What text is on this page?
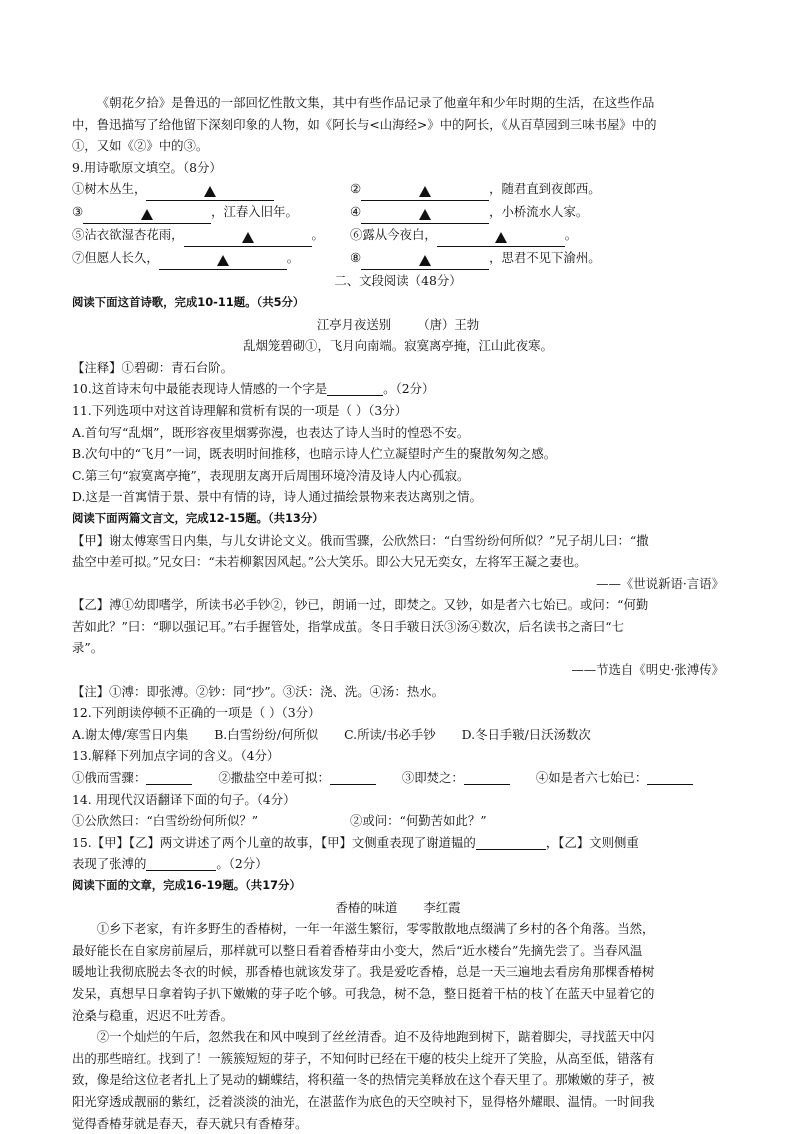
《朝花夕拾》是鲁迅的一部回忆性散文集，其中有些作品记录了他童年和少年时期的生活，在这些作品

中，鲁迅描写了给他留下深刻印象的人物，如《阿长与<山海经>》中的阿长，《从百草园到三味书屋》中的

①，又如《②》中的③。

9.用诗歌原文填空。（8分）

①树木丛生，	②	，随君直到夜郎西。
③	，江春入旧年。	④	，小桥流水人家。
⑤沾衣欲湿杏花雨，	。	⑥露从今夜白，	。
⑦但愿人长久，	。	⑧	，思君不见下渝州。

二、文段阅读（48分）

阅读下面这首诗歌，完成10-11题。（共5分）

江亭月夜送别 （唐）王勃

乱烟笼碧砌①，飞月向南端。寂寞离亭掩，江山此夜寒。

【注释】①碧砌：青石台阶。

10.这首诗末句中最能表现诗人情感的一个字是	。（2分）

11.下列选项中对这首诗理解和赏析有误的一项是（ ）（3分）

A.首句写“乱烟”，既形容夜里烟雾弥漫，也表达了诗人当时的惶恐不安。

B.次句中的“飞月”一词，既表明时间推移，也暗示诗人伫立凝望时产生的聚散匆匆之感。

C.第三句“寂寞离亭掩”，表现朋友离开后周围环境冷清及诗人内心孤寂。

D.这是一首寓情于景、景中有情的诗，诗人通过描绘景物来表达离别之情。

阅读下面两篇文言文，完成12-15题。（共13分）

【甲】谢太傅寒雪日内集，与儿女讲论文义。俄而雪骤，公欣然曰：“白雪纷纷何所似？”兄子胡儿曰：“撒

盐空中差可拟。”兄女曰：“未若柳絮因风起。”公大笑乐。即公大兄无奕女，左将军王凝之妻也。

——《世说新语·言语》

【乙】溥①幼即嗜学，所读书必手钞②，钞已，朗诵一过，即焚之。又钞，如是者六七始已。或问：“何勤

苦如此？”曰：“聊以强记耳。”右手握管处，指掌成茧。冬日手皲日沃③汤④数次，后名读书之斋曰“七

录”。

——节选自《明史·张溥传》

【注】①溥：即张溥。②钞：同“抄”。③沃：浇、洗。④汤：热水。

12.下列朗读停顿不正确的一项是（ ）（3分）

A.谢太傅/寒雪日内集 B.白雪纷纷/何所似 C.所读/书必手钞 D.冬日手皲/日沃汤数次

13.解释下列加点字词的含义。（4分）

①俄而雪骤：	②撒盐空中差可拟：	③即焚之：	④如是者六七始已：

14. 用现代汉语翻译下面的句子。（4分）

①公欣然曰：“白雪纷纷何所似？”	②或问：“何勤苦如此？”

15.【甲】【乙】两文讲述了两个儿童的故事，【甲】文侧重表现了谢道韫的	，【乙】文则侧重

表现了张溥的	。（2分）

阅读下面的文章，完成16-19题。（共17分）

香椿的味道 李红霞

①乡下老家，有许多野生的香椿树，一年一年滋生繁衍，零零散散地点缀满了乡村的各个角落。当然，

最好能长在自家房前屋后，那样就可以整日看着香椿芽由小变大，然后“近水楼台”先摘先尝了。当春风温

暖地让我彻底脱去冬衣的时候，那香椿也就该发芽了。我是爱吃香椿，总是一天三遍地去看房角那棵香椿树

发呆，真想早日拿着钩子扒下嫩嫩的芽子吃个够。可我急，树不急，整日挺着干枯的枝丫在蓝天中显着它的

沧桑与稳重，迟迟不吐芳香。

②一个灿烂的午后，忽然我在和风中嗅到了丝丝清香。迫不及待地跑到树下，踮着脚尖，寻找蓝天中闪

出的那些暗红。找到了！一簇簇短短的芽子，不知何时已经在干瘪的枝尖上绽开了笑脸，从高至低，错落有

致，像是给这位老者扎上了晃动的蝴蝶结，将积蕴一冬的热情完美释放在这个春天里了。那嫩嫩的芽子，被

阳光穿透成靓丽的紫红，泛着淡淡的油光，在湛蓝作为底色的天空映衬下，显得格外耀眼、温情。一时间我

觉得香椿芽就是春天，春天就只有香椿芽。
